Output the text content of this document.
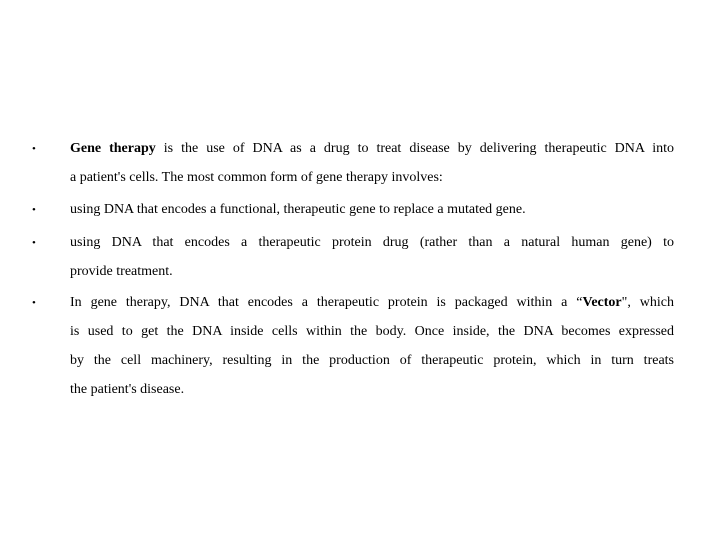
• Gene therapy is the use of DNA as a drug to treat disease by delivering therapeutic DNA into
a patient's cells. The most common form of gene therapy involves:
• using DNA that encodes a functional, therapeutic gene to replace a mutated gene.
• using DNA that encodes a therapeutic protein drug (rather than a natural human gene) to
provide treatment.
• In gene therapy, DNA that encodes a therapeutic protein is packaged within a “Vector", which
is used to get the DNA inside cells within the body. Once inside, the DNA becomes expressed
by the cell machinery, resulting in the production of therapeutic protein, which in turn treats
the patient's disease.
